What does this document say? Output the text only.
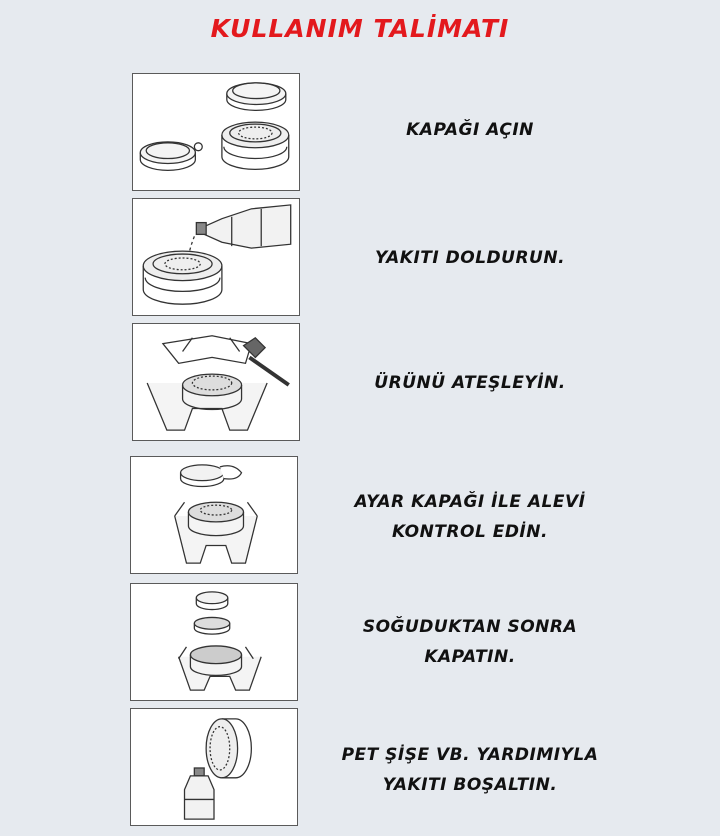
KULLANIM TALİMATI
KAPAĞI AÇIN
YAKITI DOLDURUN.
ÜRÜNÜ ATEŞLEYİN.
AYAR KAPAĞI İLE ALEVİ
KONTROL EDİN.
SOĞUDUKTAN SONRA
KAPATIN.
PET ŞİŞE VB. YARDIMIYLA
YAKITI BOŞALTIN.
